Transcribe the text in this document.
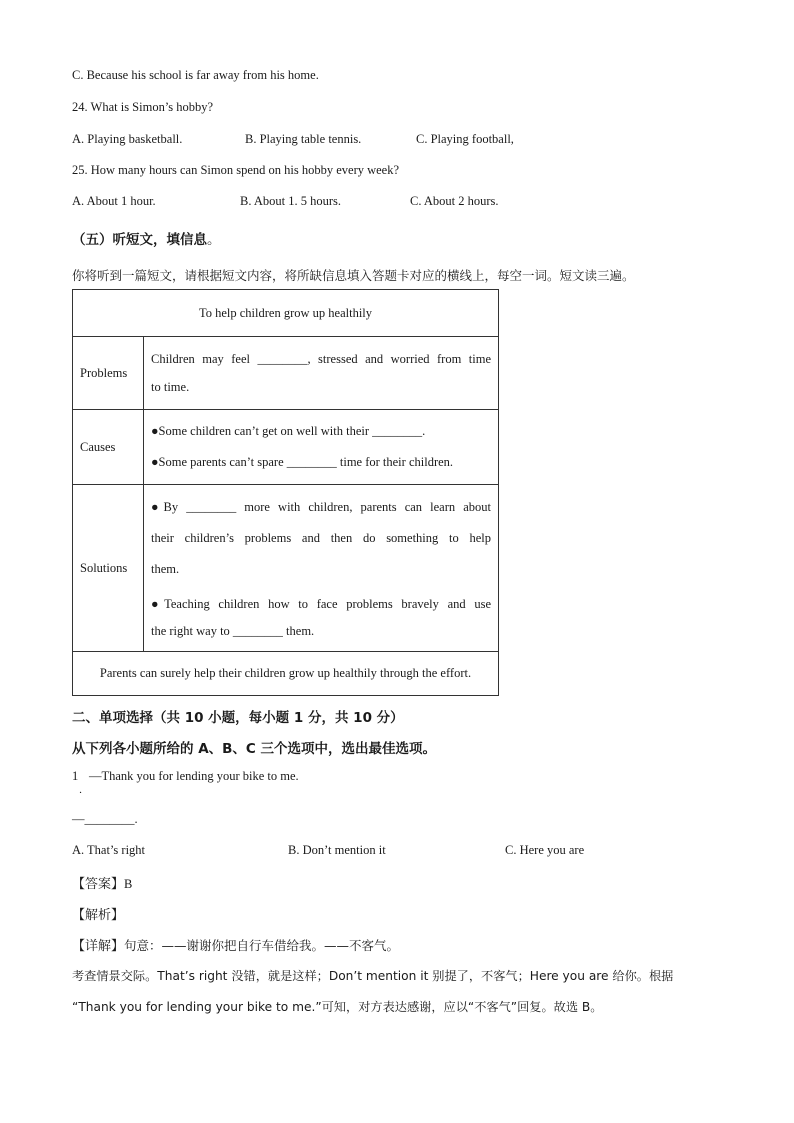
C. Because his school is far away from his home.
24. What is Simon’s hobby?
A. Playing basketball.	B. Playing table tennis.	C. Playing football,
25. How many hours can Simon spend on his hobby every week?
A. About 1 hour.	B. About 1. 5 hours.	C. About 2 hours.
（五）听短文，填信息。
你将听到一篇短文，请根据短文内容，将所缺信息填入答题卡对应的横线上，每空一词。短文读三遍。
To help children grow up healthily	
Problems	Children may feel ________, stressed and worried from time

to time.

Causes	●Some children can’t get on well with their ________.

●Some parents can’t spare ________ time for their children.

Solutions	●By ________ more with children, parents can learn about

their children’s problems and then do something to help

them.

●Teaching children how to face problems bravely and use

the right way to ________ them.

Parents can surely help their children grow up healthily through the effort.	
二、单项选择（共 10 小题，每小题 1 分，共 10 分）
从下列各小题所给的 A、B、C 三个选项中，选出最佳选项。
1
．
—Thank you for lending your bike to me.
—________.
A. That’s right	B. Don’t mention it	C. Here you are
【答案】B
【解析】
【详解】句意：——谢谢你把自行车借给我。——不客气。
考查情景交际。That’s right 没错，就是这样；Don’t mention it 别提了，不客气；Here you are 给你。根据
“Thank you for lending your bike to me.”可知，对方表达感谢，应以“不客气”回复。故选 B。
